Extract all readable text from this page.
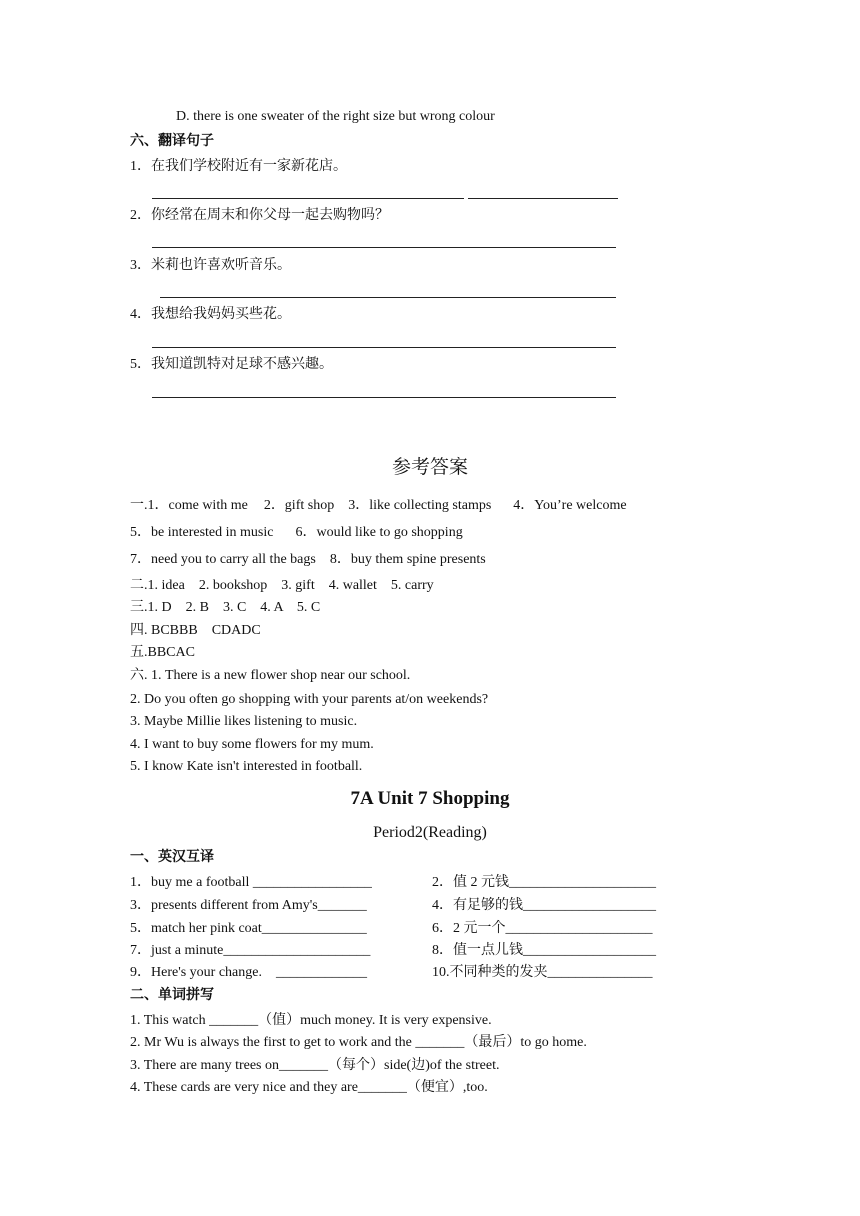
D. there is one sweater of the right size but wrong colour
六、翻译句子
1．在我们学校附近有一家新花店。
2．你经常在周末和你父母一起去购物吗？
3．米莉也许喜欢听音乐。
4．我想给我妈妈买些花。
5．我知道凯特对足球不感兴趣。
参考答案
一.1．come with me 2．gift shop 3．like collecting stamps 4．You’re welcome
5．be interested in music 6．would like to go shopping
7．need you to carry all the bags 8．buy them spine presents
二.1. idea    2. bookshop    3. gift    4. wallet    5. carry
三.1. D    2. B    3. C    4. A    5. C
四. BCBBB    CDADC
五.BBCAC
六. 1. There is a new flower shop near our school.
2. Do you often go shopping with your parents at/on weekends?
3. Maybe Millie likes listening to music.
4. I want to buy some flowers for my mum.
5. I know Kate isn't interested in football.
7A Unit 7 Shopping
Period2(Reading)
一、英汉互译
1．buy me a football _________________	2．值 2 元钱_____________________
3．presents different from Amy's_______	4．有足够的钱___________________
5．match her pink coat_______________	6．2 元一个_____________________
7．just a minute_____________________	8．值一点儿钱___________________
9．Here's your change.    _____________	10.不同种类的发夹_______________
二、单词拼写
1. This watch _______（值）much money. It is very expensive.
2. Mr Wu is always the first to get to work and the _______（最后）to go home.
3. There are many trees on_______（每个）side(边)of the street.
4. These cards are very nice and they are_______（便宜）,too.
